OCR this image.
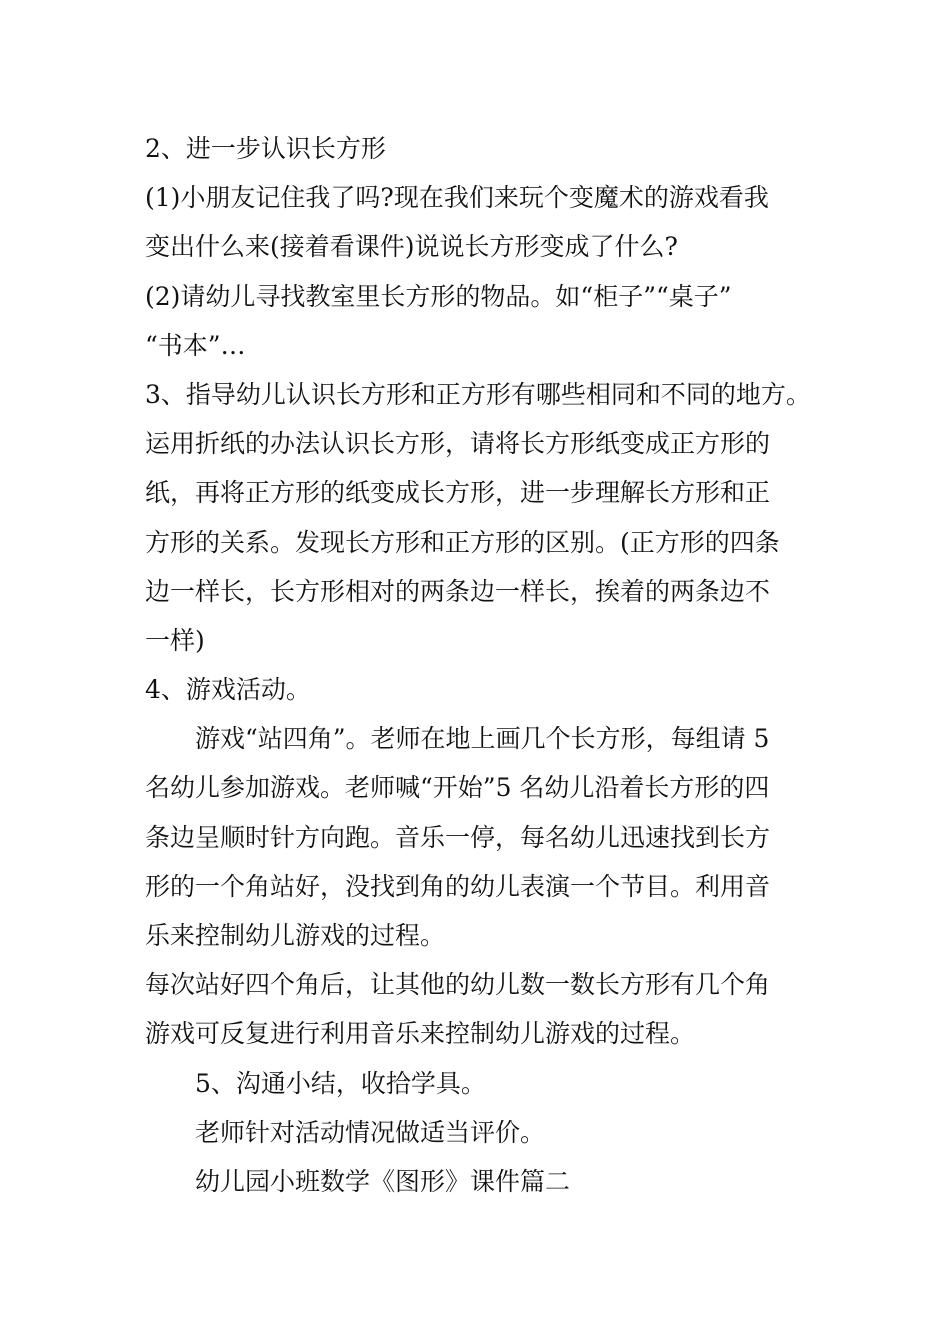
2、进一步认识长方形
(1)小朋友记住我了吗?现在我们来玩个变魔术的游戏看我
变出什么来(接着看课件)说说长方形变成了什么?
(2)请幼儿寻找教室里长方形的物品。如“柜子”“桌子”
“书本”…
3、指导幼儿认识长方形和正方形有哪些相同和不同的地方。
运用折纸的办法认识长方形，请将长方形纸变成正方形的
纸，再将正方形的纸变成长方形，进一步理解长方形和正
方形的关系。发现长方形和正方形的区别。(正方形的四条
边一样长，长方形相对的两条边一样长，挨着的两条边不
一样)
4、游戏活动。
游戏“站四角”。老师在地上画几个长方形，每组请 5
名幼儿参加游戏。老师喊“开始”5 名幼儿沿着长方形的四
条边呈顺时针方向跑。音乐一停，每名幼儿迅速找到长方
形的一个角站好，没找到角的幼儿表演一个节目。利用音
乐来控制幼儿游戏的过程。
每次站好四个角后，让其他的幼儿数一数长方形有几个角
游戏可反复进行利用音乐来控制幼儿游戏的过程。
5、沟通小结，收拾学具。
老师针对活动情况做适当评价。
幼儿园小班数学《图形》课件篇二
